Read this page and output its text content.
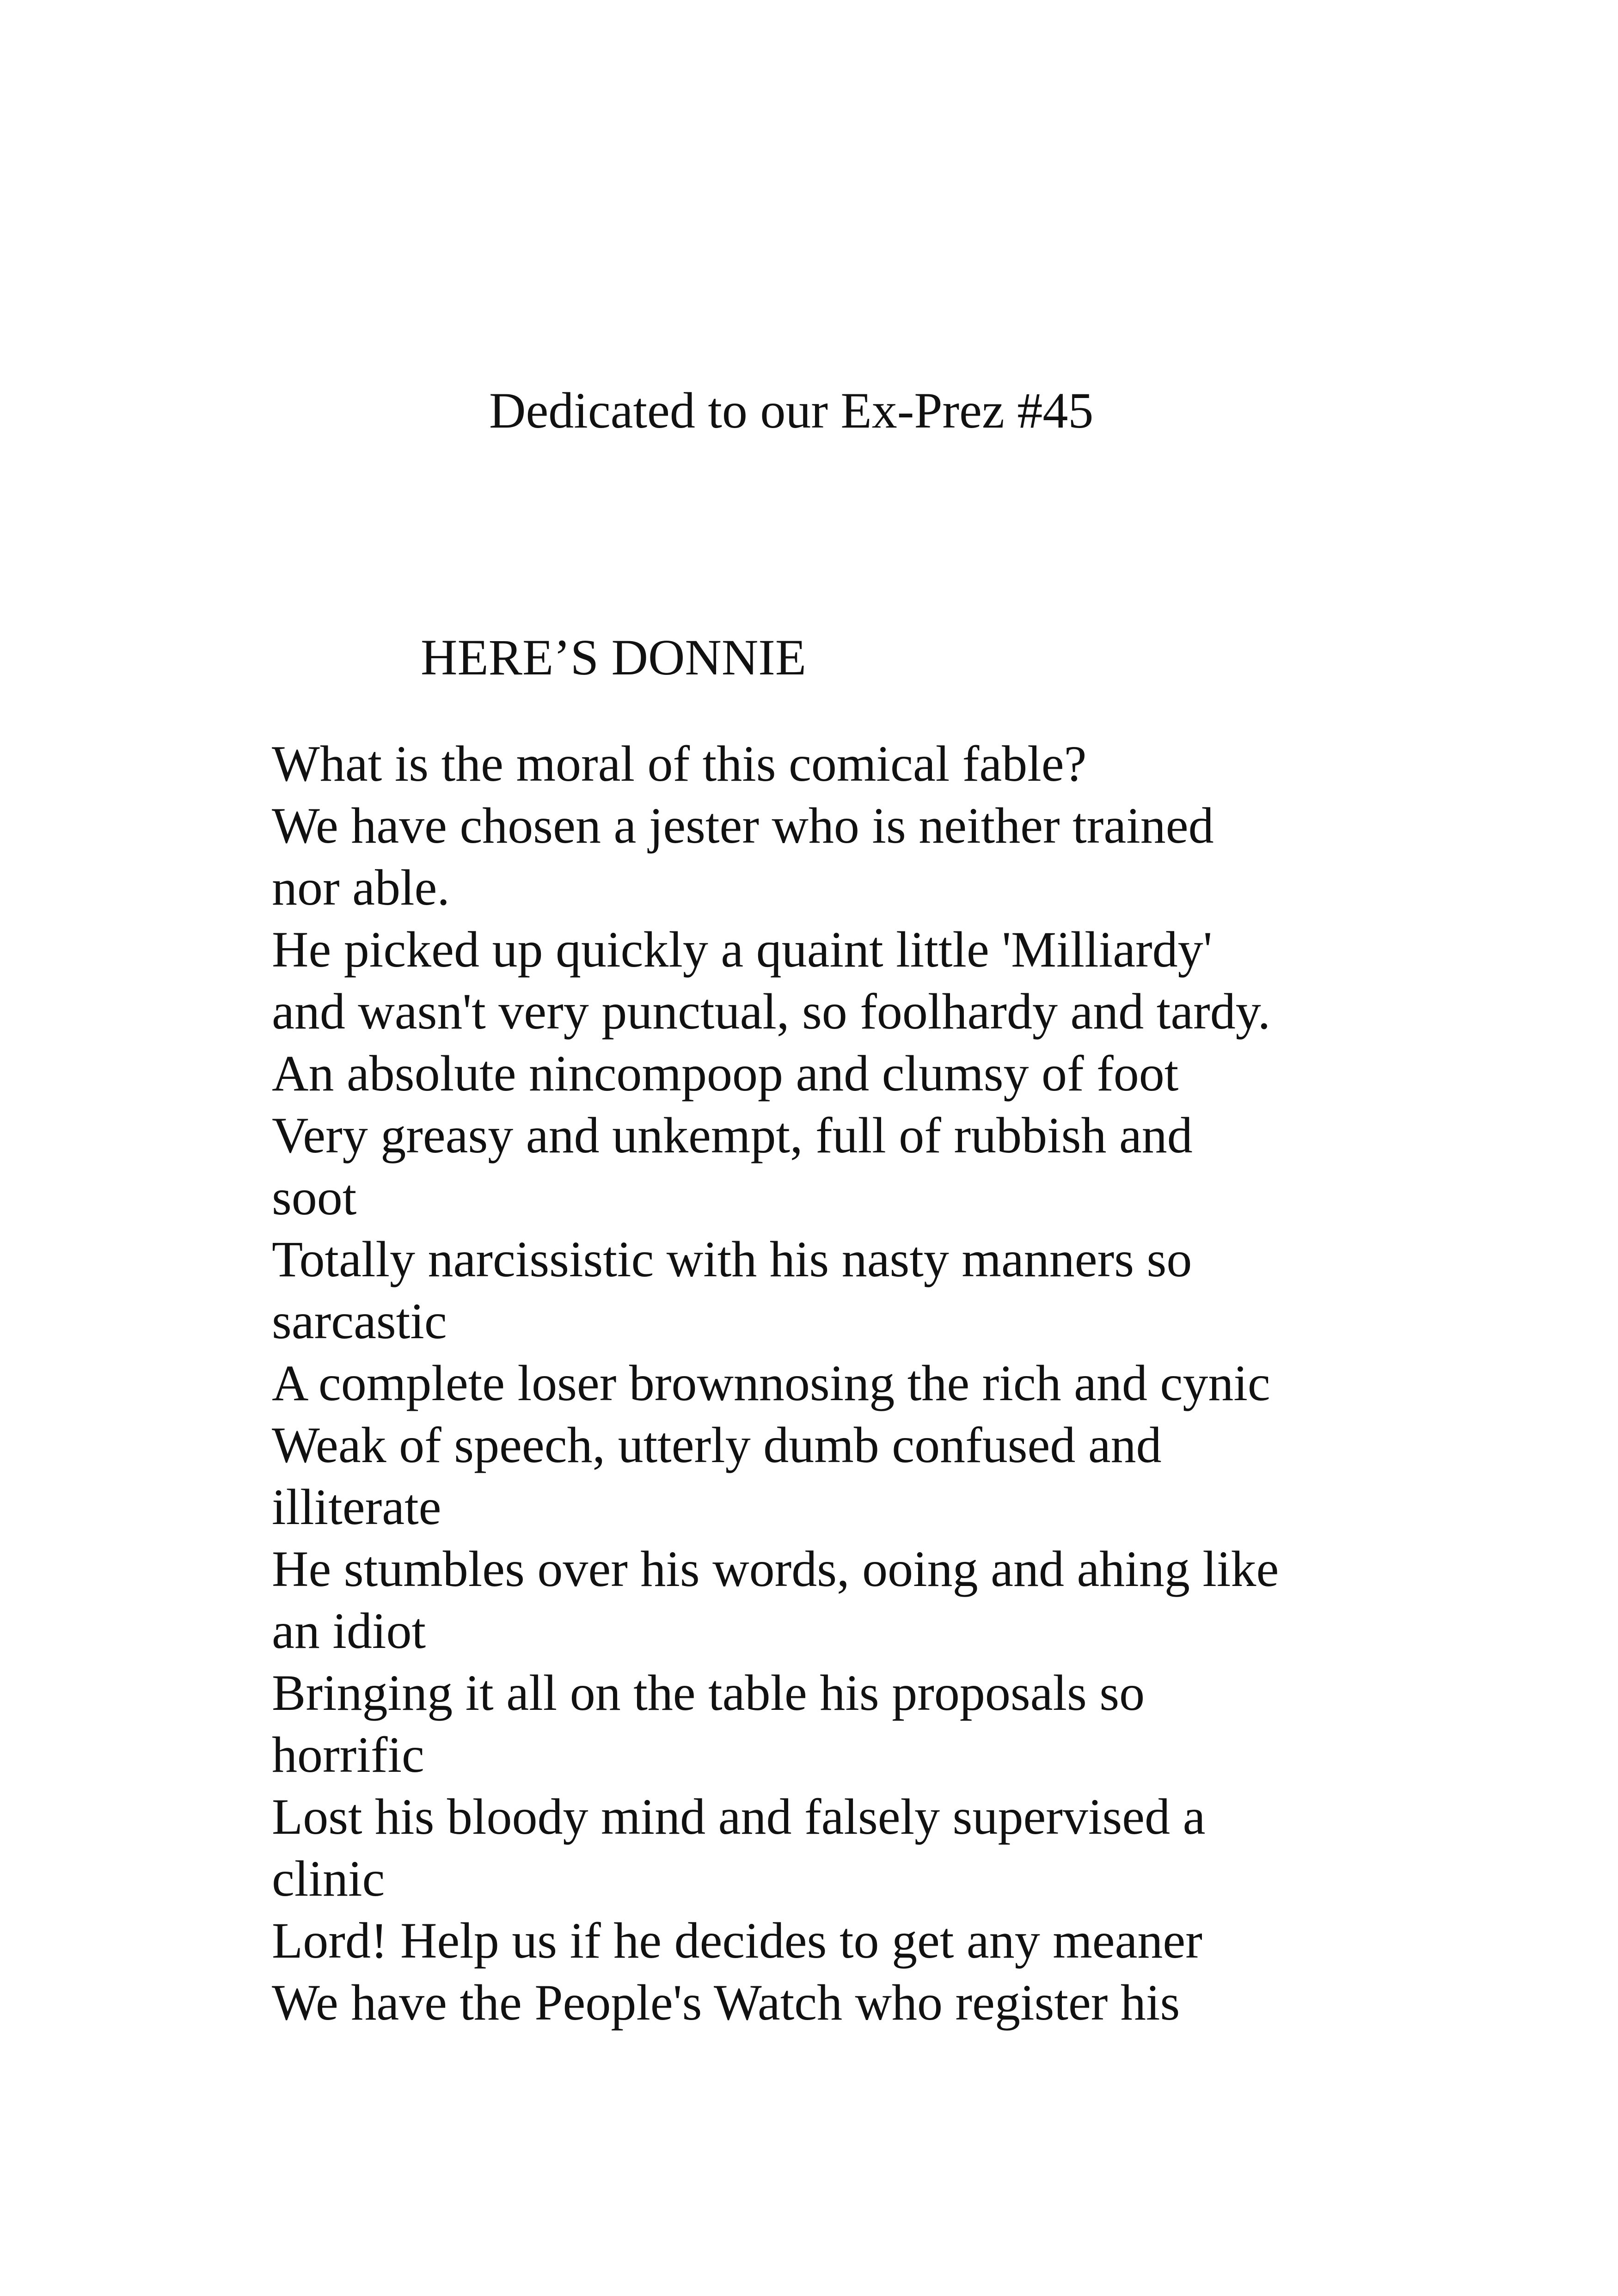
Dedicated to our Ex-Prez #45
HERE’S DONNIE
What is the moral of this comical fable?
We have chosen a jester who is neither trained
nor able.
He picked up quickly a quaint little 'Milliardy'
and wasn't very punctual, so foolhardy and tardy.
An absolute nincompoop and clumsy of foot
Very greasy and unkempt, full of rubbish and
soot
Totally narcissistic with his nasty manners so
sarcastic
A complete loser brownnosing the rich and cynic
Weak of speech, utterly dumb confused and
illiterate
He stumbles over his words, ooing and ahing like
an idiot
Bringing it all on the table his proposals so
horrific
Lost his bloody mind and falsely supervised a
clinic
Lord! Help us if he decides to get any meaner
We have the People's Watch who register his
